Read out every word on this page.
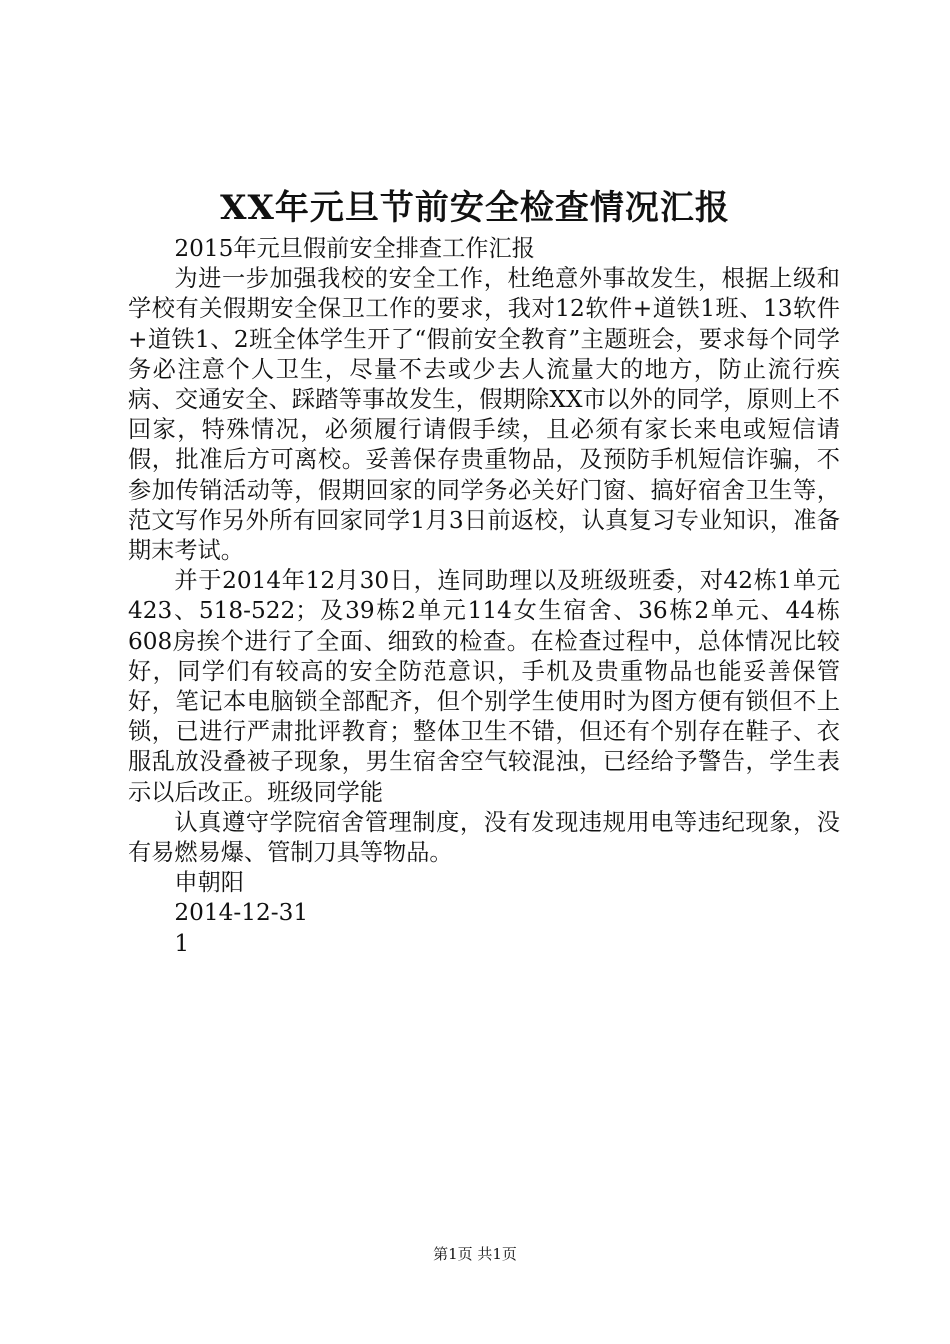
XX年元旦节前安全检查情况汇报

2015年元旦假前安全排查工作汇报

为进一步加强我校的安全工作，杜绝意外事故发生，根据上级和学校有关假期安全保卫工作的要求，我对12软件+道铁1班、13软件+道铁1、2班全体学生开了“假前安全教育”主题班会，要求每个同学务必注意个人卫生，尽量不去或少去人流量大的地方，防止流行疾病、交通安全、踩踏等事故发生，假期除XX市以外的同学，原则上不回家，特殊情况，必须履行请假手续，且必须有家长来电或短信请假，批准后方可离校。妥善保存贵重物品，及预防手机短信诈骗，不参加传销活动等，假期回家的同学务必关好门窗、搞好宿舍卫生等，范文写作另外所有回家同学1月3日前返校，认真复习专业知识，准备期末考试。

并于2014年12月30日，连同助理以及班级班委，对42栋1单元423、518-522；及39栋2单元114女生宿舍、36栋2单元、44栋608房挨个进行了全面、细致的检查。在检查过程中，总体情况比较好，同学们有较高的安全防范意识，手机及贵重物品也能妥善保管好，笔记本电脑锁全部配齐，但个别学生使用时为图方便有锁但不上锁，已进行严肃批评教育；整体卫生不错，但还有个别存在鞋子、衣服乱放没叠被子现象，男生宿舍空气较混浊，已经给予警告，学生表示以后改正。班级同学能

认真遵守学院宿舍管理制度，没有发现违规用电等违纪现象，没有易燃易爆、管制刀具等物品。

申朝阳

2014-12-31

1

第1页 共1页
